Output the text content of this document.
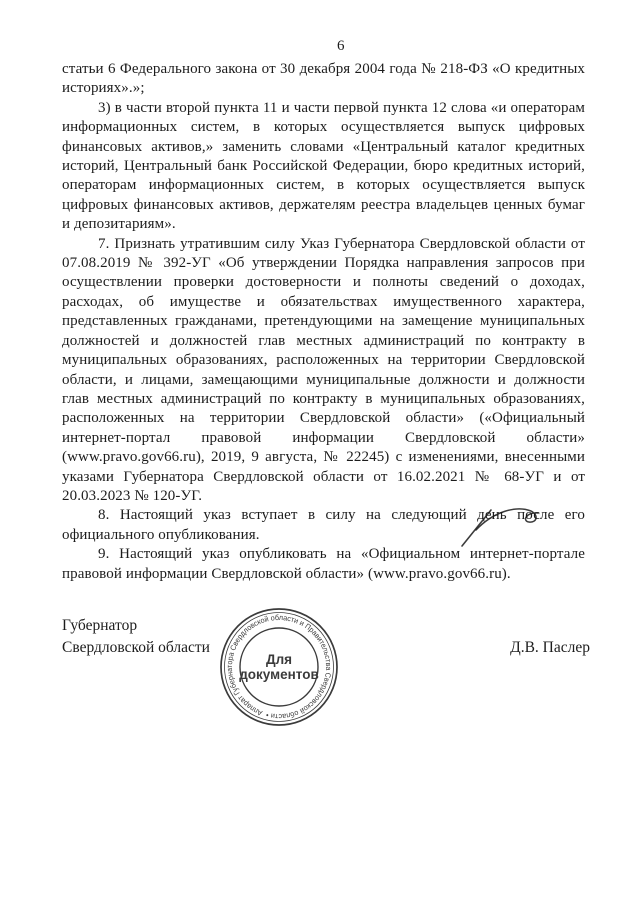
6

статьи 6 Федерального закона от 30 декабря 2004 года № 218-ФЗ «О кредитных историях».»;

3) в части второй пункта 11 и части первой пункта 12 слова «и операторам информационных систем, в которых осуществляется выпуск цифровых финансовых активов,» заменить словами «Центральный каталог кредитных историй, Центральный банк Российской Федерации, бюро кредитных историй, операторам информационных систем, в которых осуществляется выпуск цифровых финансовых активов, держателям реестра владельцев ценных бумаг и депозитариям».

7. Признать утратившим силу Указ Губернатора Свердловской области от 07.08.2019 № 392-УГ «Об утверждении Порядка направления запросов при осуществлении проверки достоверности и полноты сведений о доходах, расходах, об имуществе и обязательствах имущественного характера, представленных гражданами, претендующими на замещение муниципальных должностей и должностей глав местных администраций по контракту в муниципальных образованиях, расположенных на территории Свердловской области, и лицами, замещающими муниципальные должности и должности глав местных администраций по контракту в муниципальных образованиях, расположенных на территории Свердловской области» («Официальный интернет-портал правовой информации Свердловской области» (www.pravo.gov66.ru), 2019, 9 августа, № 22245) с изменениями, внесенными указами Губернатора Свердловской области от 16.02.2021 № 68-УГ и от 20.03.2023 № 120-УГ.

8. Настоящий указ вступает в силу на следующий день после его официального опубликования.

9. Настоящий указ опубликовать на «Официальном интернет-портале правовой информации Свердловской области» (www.pravo.gov66.ru).

Губернатор
Свердловской области	Д.В. Паслер
Аппарат Губернатора Свердловской области и Правительства Свердловской области •
Для
документов
